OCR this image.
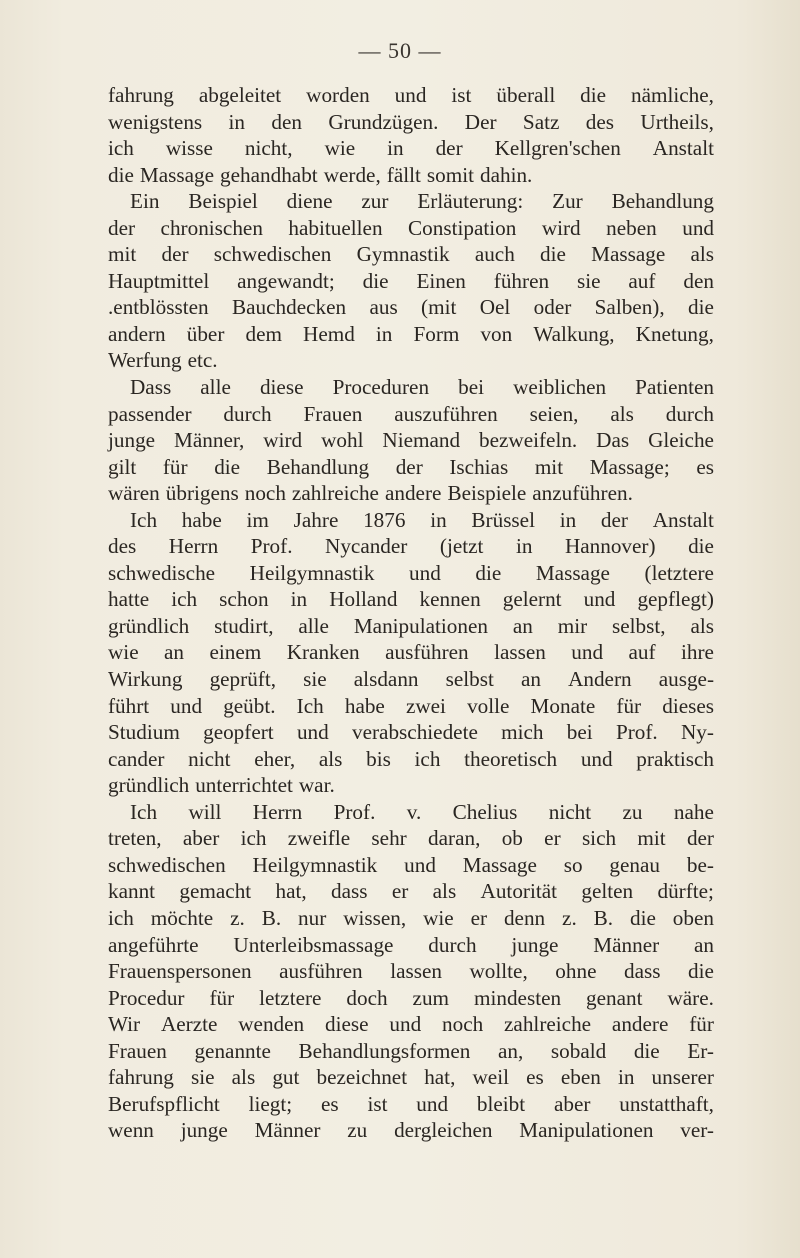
— 50 —
fahrung abgeleitet worden und ist überall die nämliche,
wenigstens in den Grundzügen. Der Satz des Urtheils,
ich wisse nicht, wie in der Kellgren'schen Anstalt
die Massage gehandhabt werde, fällt somit dahin.
Ein Beispiel diene zur Erläuterung: Zur Behandlung
der chronischen habituellen Constipation wird neben und
mit der schwedischen Gymnastik auch die Massage als
Hauptmittel angewandt; die Einen führen sie auf den
.entblössten Bauchdecken aus (mit Oel oder Salben), die
andern über dem Hemd in Form von Walkung, Knetung,
Werfung etc.
Dass alle diese Proceduren bei weiblichen Patienten
passender durch Frauen auszuführen seien, als durch
junge Männer, wird wohl Niemand bezweifeln. Das Gleiche
gilt für die Behandlung der Ischias mit Massage; es
wären übrigens noch zahlreiche andere Beispiele anzuführen.
Ich habe im Jahre 1876 in Brüssel in der Anstalt
des Herrn Prof. Nycander (jetzt in Hannover) die
schwedische Heilgymnastik und die Massage (letztere
hatte ich schon in Holland kennen gelernt und gepflegt)
gründlich studirt, alle Manipulationen an mir selbst, als
wie an einem Kranken ausführen lassen und auf ihre
Wirkung geprüft, sie alsdann selbst an Andern ausge-
führt und geübt. Ich habe zwei volle Monate für dieses
Studium geopfert und verabschiedete mich bei Prof. Ny-
cander nicht eher, als bis ich theoretisch und praktisch
gründlich unterrichtet war.
Ich will Herrn Prof. v. Chelius nicht zu nahe
treten, aber ich zweifle sehr daran, ob er sich mit der
schwedischen Heilgymnastik und Massage so genau be-
kannt gemacht hat, dass er als Autorität gelten dürfte;
ich möchte z. B. nur wissen, wie er denn z. B. die oben
angeführte Unterleibsmassage durch junge Männer an
Frauenspersonen ausführen lassen wollte, ohne dass die
Procedur für letztere doch zum mindesten genant wäre.
Wir Aerzte wenden diese und noch zahlreiche andere für
Frauen genannte Behandlungsformen an, sobald die Er-
fahrung sie als gut bezeichnet hat, weil es eben in unserer
Berufspflicht liegt; es ist und bleibt aber unstatthaft,
wenn junge Männer zu dergleichen Manipulationen ver-
